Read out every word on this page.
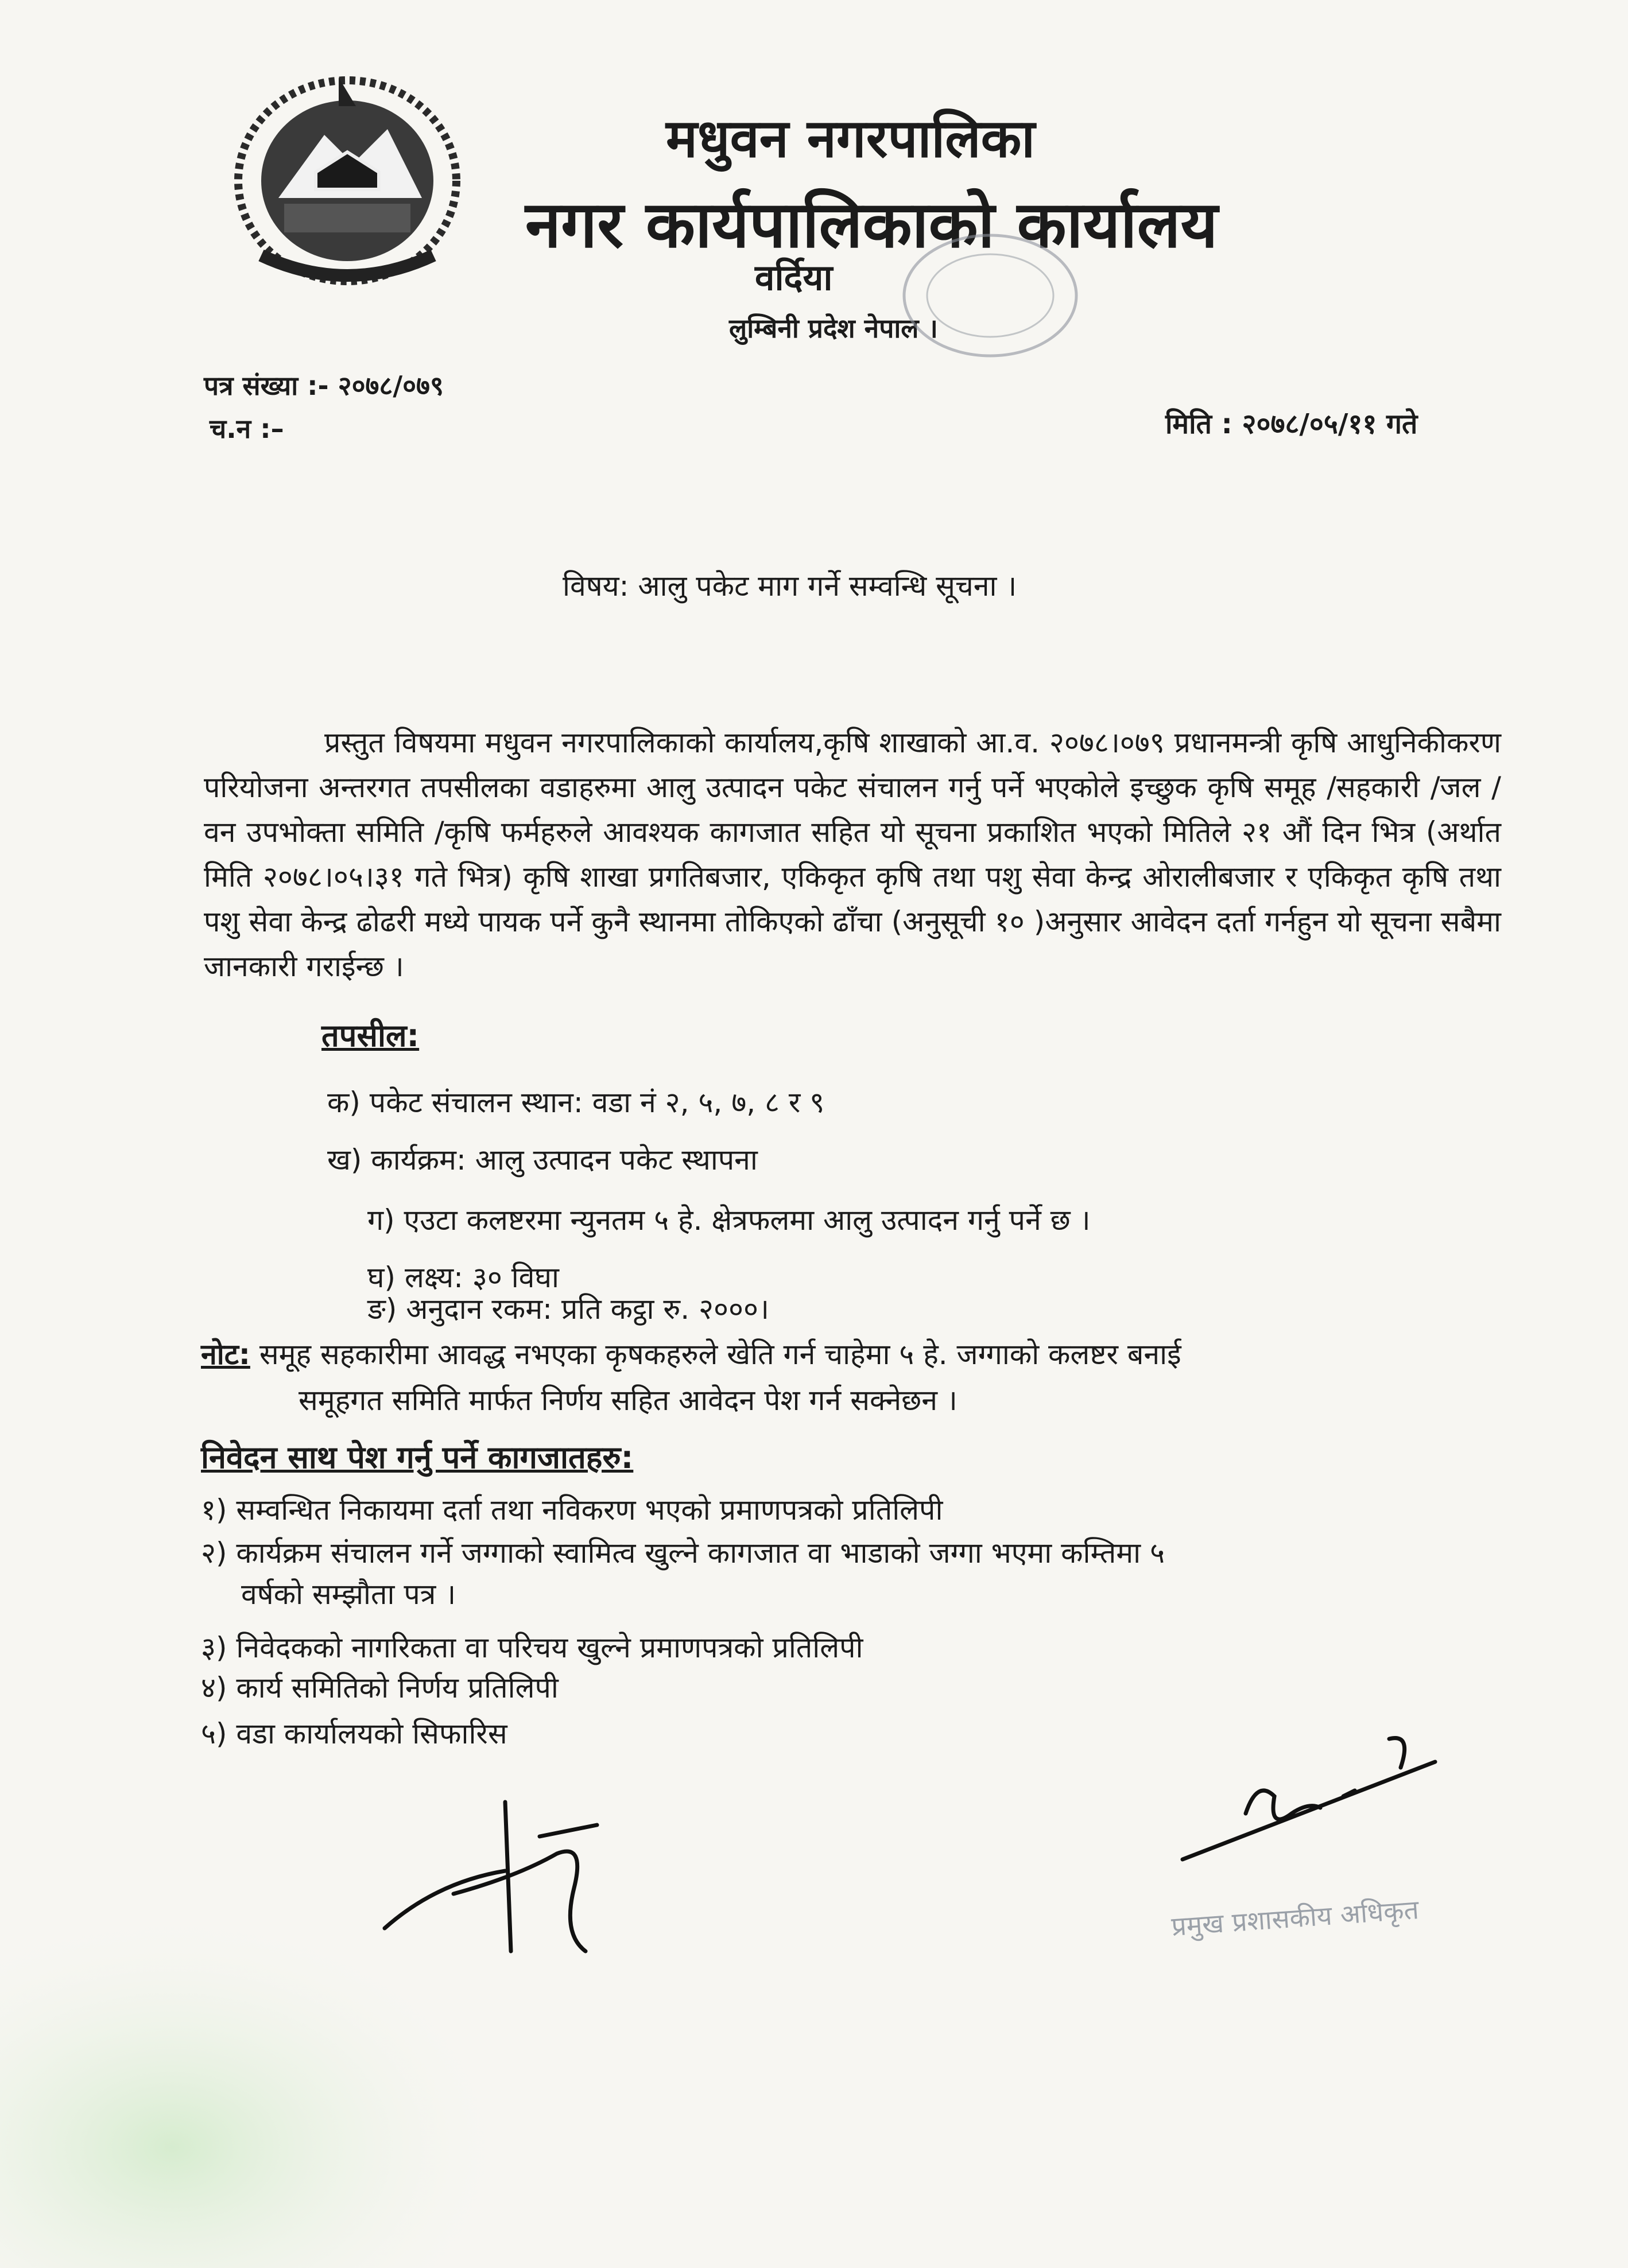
मधुवन नगरपालिका
नगर कार्यपालिकाको कार्यालय
वर्दिया
लुम्बिनी प्रदेश नेपाल ।
पत्र संख्या :- २०७८/०७९
च.न :–	मिति : २०७८/०५/११ गते
विषय: आलु पकेट माग गर्ने सम्वन्धि सूचना ।
प्रस्तुत विषयमा मधुवन नगरपालिकाको कार्यालय,कृषि शाखाको आ.व. २०७८।०७९ प्रधानमन्त्री कृषि आधुनिकीकरण परियोजना अन्तरगत तपसीलका वडाहरुमा आलु उत्पादन पकेट संचालन गर्नु पर्ने भएकोले इच्छुक कृषि समूह /सहकारी /जल /वन उपभोक्ता समिति /कृषि फर्महरुले आवश्यक कागजात सहित यो सूचना प्रकाशित भएको मितिले २१ औं दिन भित्र (अर्थात मिति २०७८।०५।३१ गते भित्र) कृषि शाखा प्रगतिबजार, एकिकृत कृषि तथा पशु सेवा केन्द्र ओरालीबजार र एकिकृत कृषि तथा पशु सेवा केन्द्र ढोढरी मध्ये पायक पर्ने कुनै स्थानमा तोकिएको ढाँचा (अनुसूची १० )अनुसार आवेदन दर्ता गर्नहुन यो सूचना सबैमा जानकारी गराईन्छ ।
तपसील:
क) पकेट संचालन स्थान: वडा नं २, ५, ७, ८ र ९
ख) कार्यक्रम: आलु उत्पादन पकेट स्थापना
ग) एउटा कलष्टरमा न्युनतम ५ हे. क्षेत्रफलमा आलु उत्पादन गर्नु पर्ने छ ।
घ) लक्ष्य: ३० विघा
ङ) अनुदान रकम: प्रति कट्ठा रु. २०००।
नोट: समूह सहकारीमा आवद्ध नभएका कृषकहरुले खेति गर्न चाहेमा ५ हे. जग्गाको कलष्टर बनाई
समूहगत समिति मार्फत निर्णय सहित आवेदन पेश गर्न सक्नेछन ।
निवेदन साथ पेश गर्नु पर्ने कागजातहरु:
१) सम्वन्धित निकायमा दर्ता तथा नविकरण भएको प्रमाणपत्रको प्रतिलिपी
२) कार्यक्रम संचालन गर्ने जग्गाको स्वामित्व खुल्ने कागजात वा भाडाको जग्गा भएमा कम्तिमा ५
वर्षको सम्झौता पत्र ।
३) निवेदकको नागरिकता वा परिचय खुल्ने प्रमाणपत्रको प्रतिलिपी
४) कार्य समितिको निर्णय प्रतिलिपी
५) वडा कार्यालयको सिफारिस
प्रमुख प्रशासकीय अधिकृत
